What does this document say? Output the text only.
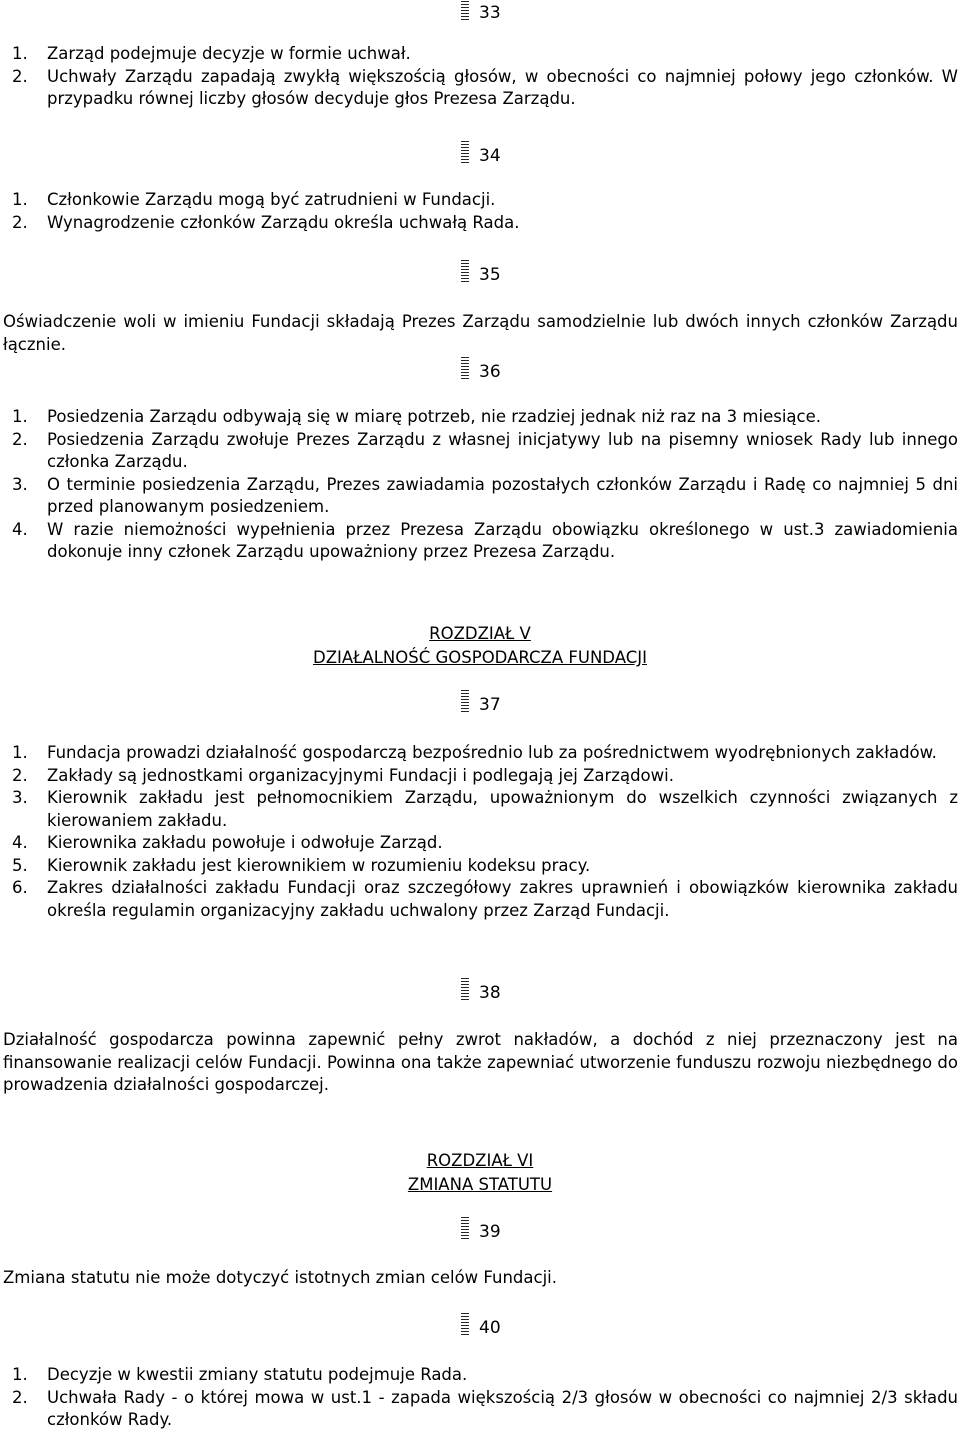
33
1. Zarząd podejmuje decyzje w formie uchwał.
2. Uchwały Zarządu zapadają zwykłą większością głosów, w obecności co najmniej połowy jego członków. W przypadku równej liczby głosów decyduje głos Prezesa Zarządu.
34
1. Członkowie Zarządu mogą być zatrudnieni w Fundacji.
2. Wynagrodzenie członków Zarządu określa uchwałą Rada.
35

Oświadczenie woli w imieniu Fundacji składają Prezes Zarządu samodzielnie lub dwóch innych członków Zarządu łącznie.

36
1. Posiedzenia Zarządu odbywają się w miarę potrzeb, nie rzadziej jednak niż raz na 3 miesiące.
2. Posiedzenia Zarządu zwołuje Prezes Zarządu z własnej inicjatywy lub na pisemny wniosek Rady lub innego członka Zarządu.
3. O terminie posiedzenia Zarządu, Prezes zawiadamia pozostałych członków Zarządu i Radę co najmniej 5 dni przed planowanym posiedzeniem.
4. W razie niemożności wypełnienia przez Prezesa Zarządu obowiązku określonego w ust.3 zawiadomienia dokonuje inny członek Zarządu upoważniony przez Prezesa Zarządu.
ROZDZIAŁ V
DZIAŁALNOŚĆ GOSPODARCZA FUNDACJI
37
1. Fundacja prowadzi działalność gospodarczą bezpośrednio lub za pośrednictwem wyodrębnionych zakładów.
2. Zakłady są jednostkami organizacyjnymi Fundacji i podlegają jej Zarządowi.
3. Kierownik zakładu jest pełnomocnikiem Zarządu, upoważnionym do wszelkich czynności związanych z kierowaniem zakładu.
4. Kierownika zakładu powołuje i odwołuje Zarząd.
5. Kierownik zakładu jest kierownikiem w rozumieniu kodeksu pracy.
6. Zakres działalności zakładu Fundacji oraz szczegółowy zakres uprawnień i obowiązków kierownika zakładu określa regulamin organizacyjny zakładu uchwalony przez Zarząd Fundacji.
38

Działalność gospodarcza powinna zapewnić pełny zwrot nakładów, a dochód z niej przeznaczony jest na finansowanie realizacji celów Fundacji. Powinna ona także zapewniać utworzenie funduszu rozwoju niezbędnego do prowadzenia działalności gospodarczej.

ROZDZIAŁ VI
ZMIANA STATUTU
39

Zmiana statutu nie może dotyczyć istotnych zmian celów Fundacji.

40
1. Decyzje w kwestii zmiany statutu podejmuje Rada.
2. Uchwała Rady - o której mowa w ust.1 - zapada większością 2/3 głosów w obecności co najmniej 2/3 składu członków Rady.
